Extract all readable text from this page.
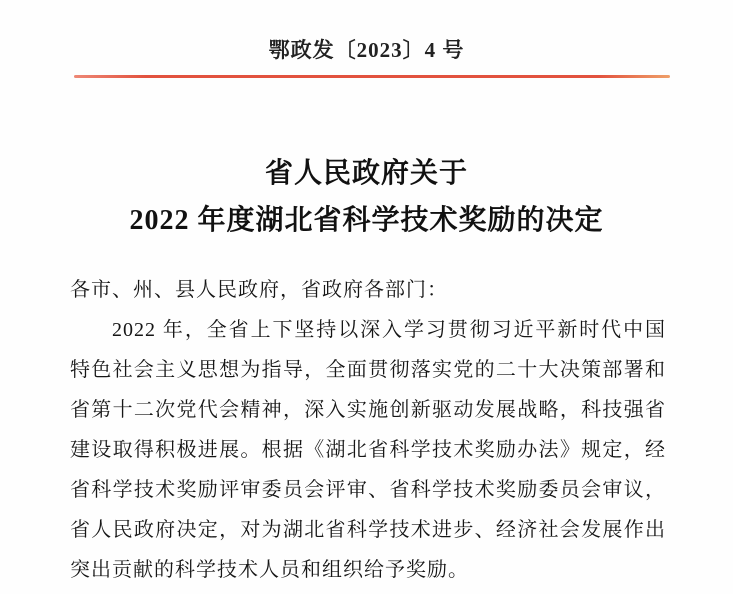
鄂政发〔2023〕4 号
省人民政府关于
2022 年度湖北省科学技术奖励的决定
各市、州、县人民政府，省政府各部门：
2022 年，全省上下坚持以深入学习贯彻习近平新时代中国
特色社会主义思想为指导，全面贯彻落实党的二十大决策部署和
省第十二次党代会精神，深入实施创新驱动发展战略，科技强省
建设取得积极进展。根据《湖北省科学技术奖励办法》规定，经
省科学技术奖励评审委员会评审、省科学技术奖励委员会审议，
省人民政府决定，对为湖北省科学技术进步、经济社会发展作出
突出贡献的科学技术人员和组织给予奖励。
